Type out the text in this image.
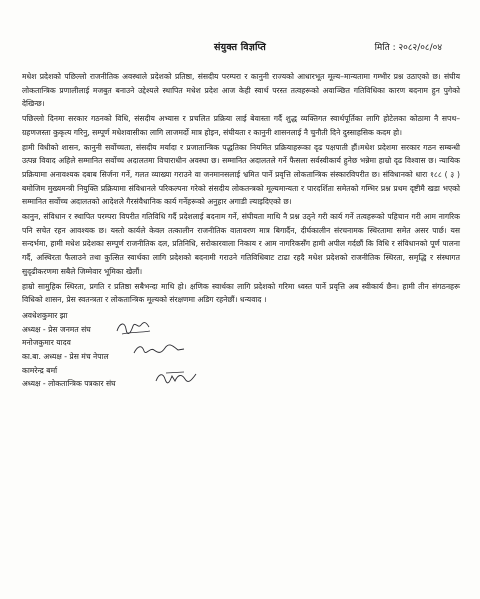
संयुक्त विज्ञप्ति	मिति : २०८२/०८/०४

मधेश प्रदेशको पछिल्लो राजनीतिक अवस्थाले प्रदेशको प्रतिष्ठा, संसदीय परम्परा र कानुनी राज्यको आधारभूत मूल्य–मान्यतामा गम्भीर प्रश्न उठाएको छ। संघीय लोकतान्त्रिक प्रणालीलाई मजबुत बनाउने उद्देश्यले स्थापित मधेश प्रदेश आज केही स्वार्थ परस्त तत्वहरूको अवाञ्छित गतिविधिका कारण बदनाम हुन पुगेको देखिन्छ।

पछिल्लो दिनमा सरकार गठनको विधि, संसदीय अभ्यास र प्रचलित प्रक्रिया लाई बेवास्ता गर्दै शुद्ध व्यक्तिगत स्वार्थपूर्तिका लागि होटेलका कोठामा नै सपथ–ग्रहणजस्ता कुकृत्य गरिनु, सम्पूर्ण मधेशवासीका लागि लाजमर्दो मात्र होइन, संघीयता र कानुनी शासनलाई नै चुनौती दिने दुस्साहसिक कदम हो।

हामी विधीको शासन, कानुनी सर्वोच्चता, संसदीय मर्यादा र प्रजातान्त्रिक पद्धतिका नियमित प्रक्रियाहरूका दृढ पक्षपाती हौं।मधेश प्रदेशमा सरकार गठन सम्बन्धी उत्पन्न विवाद अहिले सम्मानित सर्वोच्च अदालतमा विचाराधीन अवस्था छ। सम्मानित अदालतले गर्ने फैसला सर्वस्वीकार्य हुनेछ भन्नेमा हाम्रो दृढ विश्वास छ। न्यायिक प्रक्रियामा अनावश्यक दबाब सिर्जना गर्ने, गलत व्याख्या गराउने वा जनमानसलाई भ्रमित पार्ने प्रवृत्ति लोकतान्त्रिक संस्कारविपरीत छ। संविधानको धारा १८८ ( ३ ) बमोजिम मुख्यमन्त्री नियुक्ति प्रक्रियामा संविधानले परिकल्पना गरेको संसदीय लोकतन्त्रको मूल्यमान्यता र पारदर्शिता समेतको गम्भिर प्रश्न प्रथम दृष्टीमै खडा भएको सम्मानित सर्वोच्च अदालतको आदेशले गैरसंवैधानिक कार्य गर्नेहरूको अनुहार अगाडी ल्याइदिएको छ।

कानुन, संविधान र स्थापित परम्परा विपरीत गतिविधि गर्दै प्रदेशलाई बदनाम गर्ने, संघीयता माथि नै प्रश्न उठ्ने गरी कार्य गर्ने तत्वहरूको पहिचान गरी आम नागरिक पनि सचेत रहन आवश्यक छ। यस्तो कार्यले केवल तत्कालीन राजनीतिक वातावरण मात्र बिगार्दैन, दीर्घकालीन संरचनामक स्थिरतामा समेत असर पार्छ। यस सन्दर्भमा, हामी मधेश प्रदेशका सम्पूर्ण राजनीतिक दल, प्रतिनिधि, सरोकारवाला निकाय र आम नागरिकसँग हामी अपील गर्दछौं कि विधि र संविधानको पूर्ण पालना गर्दै, अस्थिरता फैलाउने तथा कुत्सित स्वार्थका लागि प्रदेशको बदनामी गराउने गतिविधिबाट टाढा रहदै मधेश प्रदेशको राजनीतिक स्थिरता, समृद्धि र संस्थागत सुदृढीकरणमा सबैले जिम्मेवार भूमिका खेलौं।

हाम्रो सामुहिक स्थिरता, प्रगति र प्रतिष्ठा सबैभन्दा माथि हो। क्षणिक स्वार्थका लागि प्रदेशको गरिमा ध्वस्त पार्ने प्रवृत्ति अब स्वीकार्य छैन। हामी तीन संगठनहरू विधिको शासन, प्रेस स्वतन्त्रता र लोकतान्त्रिक मूल्यको संरक्षणमा अडिग रहनेछौं। धन्यवाद ।

अवधेशकुमार झा
अध्यक्ष - प्रेस जनमत संघ
मनोजकुमार यादव
का.बा. अध्यक्ष - प्रेस मंच नेपाल
कामरेन्द्र बर्मा
अध्यक्ष - लोकतान्त्रिक पत्रकार संघ
